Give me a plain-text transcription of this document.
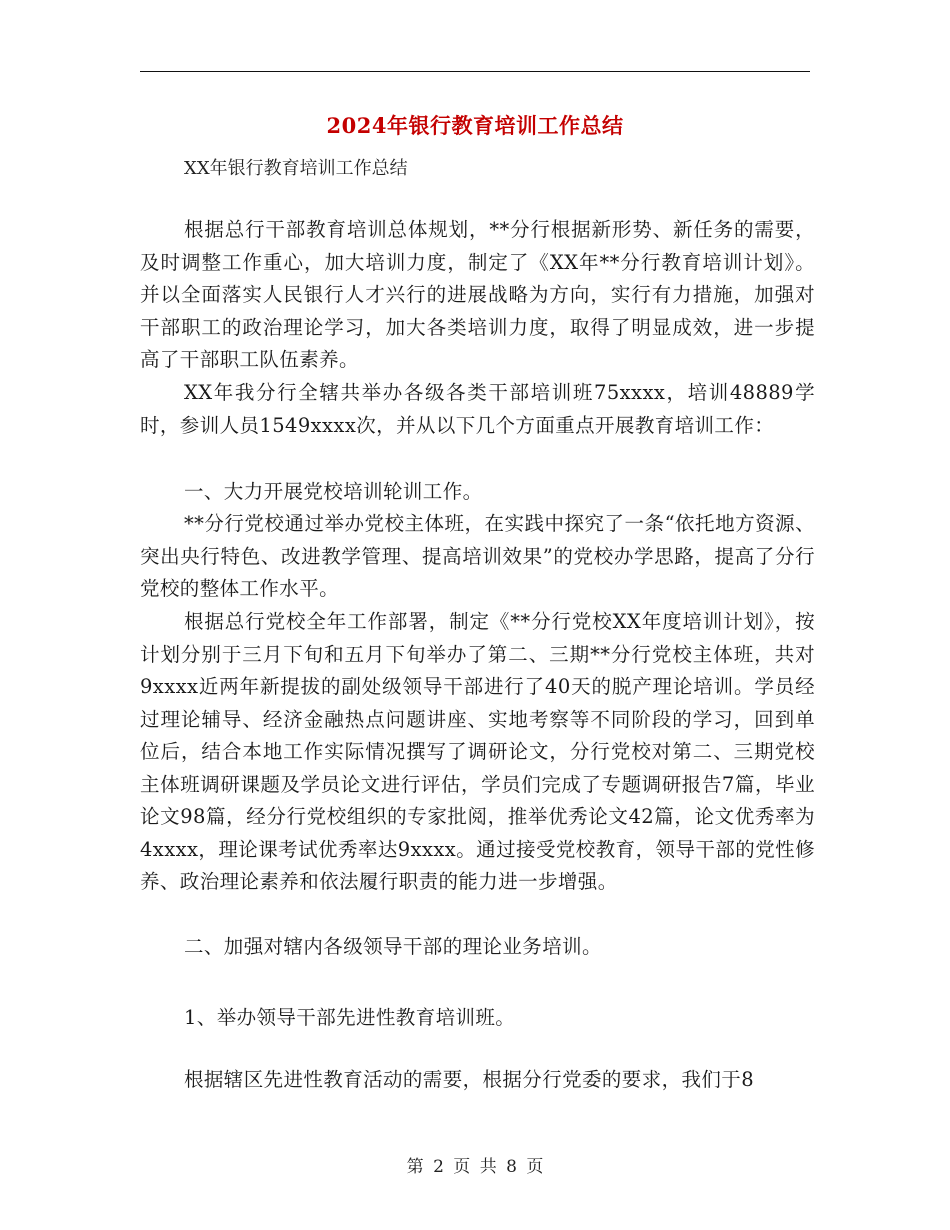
2024年银行教育培训工作总结
XX年银行教育培训工作总结
根据总行干部教育培训总体规划，**分行根据新形势、新任务的需要，及时调整工作重心，加大培训力度，制定了《XX年**分行教育培训计划》。并以全面落实人民银行人才兴行的进展战略为方向，实行有力措施，加强对干部职工的政治理论学习，加大各类培训力度，取得了明显成效，进一步提高了干部职工队伍素养。
XX年我分行全辖共举办各级各类干部培训班75xxxx，培训48889学时，参训人员1549xxxx次，并从以下几个方面重点开展教育培训工作：
一、大力开展党校培训轮训工作。
**分行党校通过举办党校主体班，在实践中探究了一条“依托地方资源、突出央行特色、改进教学管理、提高培训效果”的党校办学思路，提高了分行党校的整体工作水平。
根据总行党校全年工作部署，制定《**分行党校XX年度培训计划》，按计划分别于三月下旬和五月下旬举办了第二、三期**分行党校主体班，共对9xxxx近两年新提拔的副处级领导干部进行了40天的脱产理论培训。学员经过理论辅导、经济金融热点问题讲座、实地考察等不同阶段的学习，回到单位后，结合本地工作实际情况撰写了调研论文，分行党校对第二、三期党校主体班调研课题及学员论文进行评估，学员们完成了专题调研报告7篇，毕业论文98篇，经分行党校组织的专家批阅，推举优秀论文42篇，论文优秀率为4xxxx，理论课考试优秀率达9xxxx。通过接受党校教育，领导干部的党性修养、政治理论素养和依法履行职责的能力进一步增强。
二、加强对辖内各级领导干部的理论业务培训。
1、举办领导干部先进性教育培训班。
根据辖区先进性教育活动的需要，根据分行党委的要求，我们于8
第 2 页 共 8 页
